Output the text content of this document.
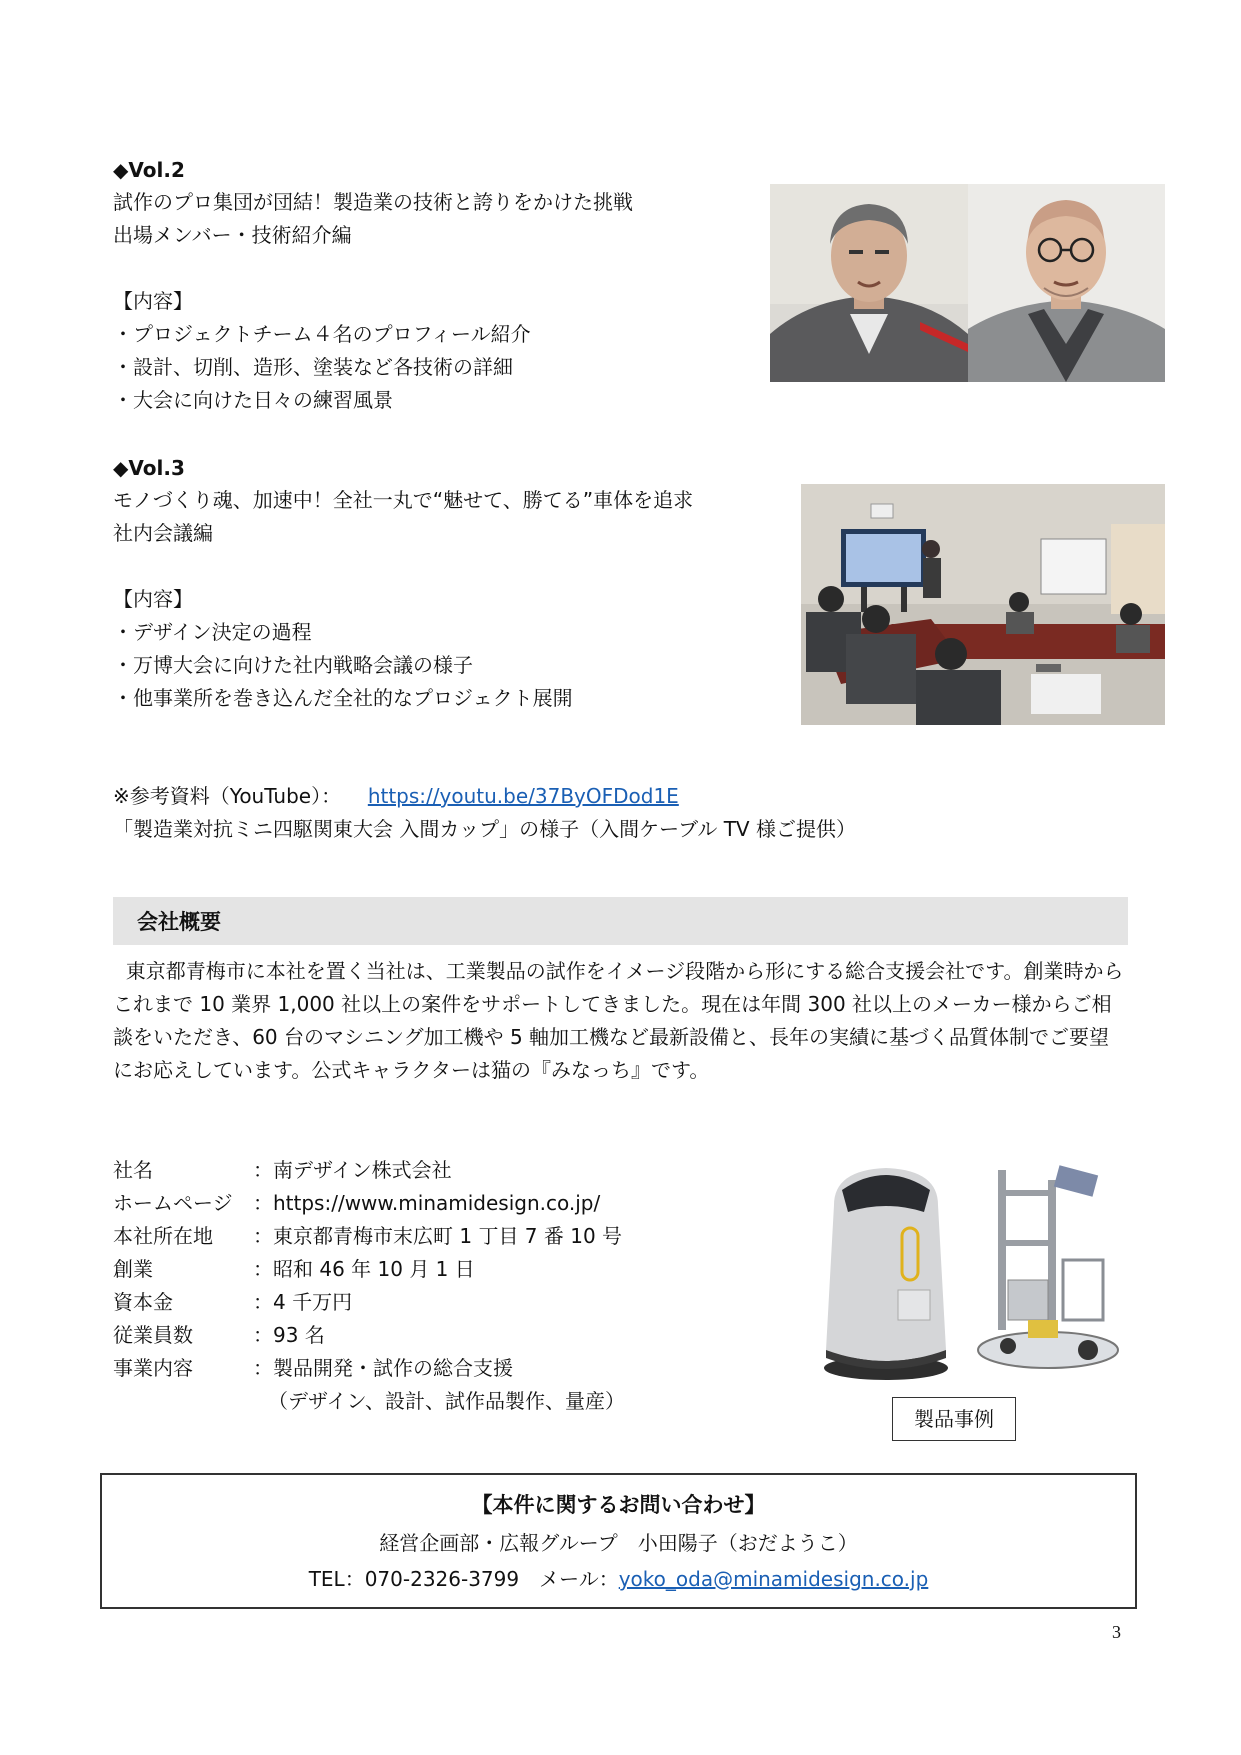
◆Vol.2
試作のプロ集団が団結！製造業の技術と誇りをかけた挑戦
出場メンバー・技術紹介編
【内容】
・プロジェクトチーム４名のプロフィール紹介
・設計、切削、造形、塗装など各技術の詳細
・大会に向けた日々の練習風景
◆Vol.3
モノづくり魂、加速中！全社一丸で“魅せて、勝てる”車体を追求
社内会議編
【内容】
・デザイン決定の過程
・万博大会に向けた社内戦略会議の様子
・他事業所を巻き込んだ全社的なプロジェクト展開
※参考資料（YouTube）： https://youtu.be/37ByOFDod1E
「製造業対抗ミニ四駆関東大会 入間カップ」の様子（入間ケーブル TV 様ご提供）
会社概要
東京都青梅市に本社を置く当社は、工業製品の試作をイメージ段階から形にする総合支援会社です。創業時からこれまで 10 業界 1,000 社以上の案件をサポートしてきました。現在は年間 300 社以上のメーカー様からご相談をいただき、60 台のマシニング加工機や 5 軸加工機など最新設備と、長年の実績に基づく品質体制でご要望にお応えしています。公式キャラクターは猫の『みなっち』です。
社名	：南デザイン株式会社
ホームページ ：https://www.minamidesign.co.jp/
本社所在地 ：東京都青梅市末広町 1 丁目 7 番 10 号
創業	：昭和 46 年 10 月 1 日
資本金	：4 千万円
従業員数	：93 名
事業内容	：製品開発・試作の総合支援
（デザイン、設計、試作品製作、量産）
製品事例
【本件に関するお問い合わせ】
経営企画部・広報グループ　小田陽子（おだようこ）
TEL：070-2326-3799　メール：yoko_oda@minamidesign.co.jp
3
